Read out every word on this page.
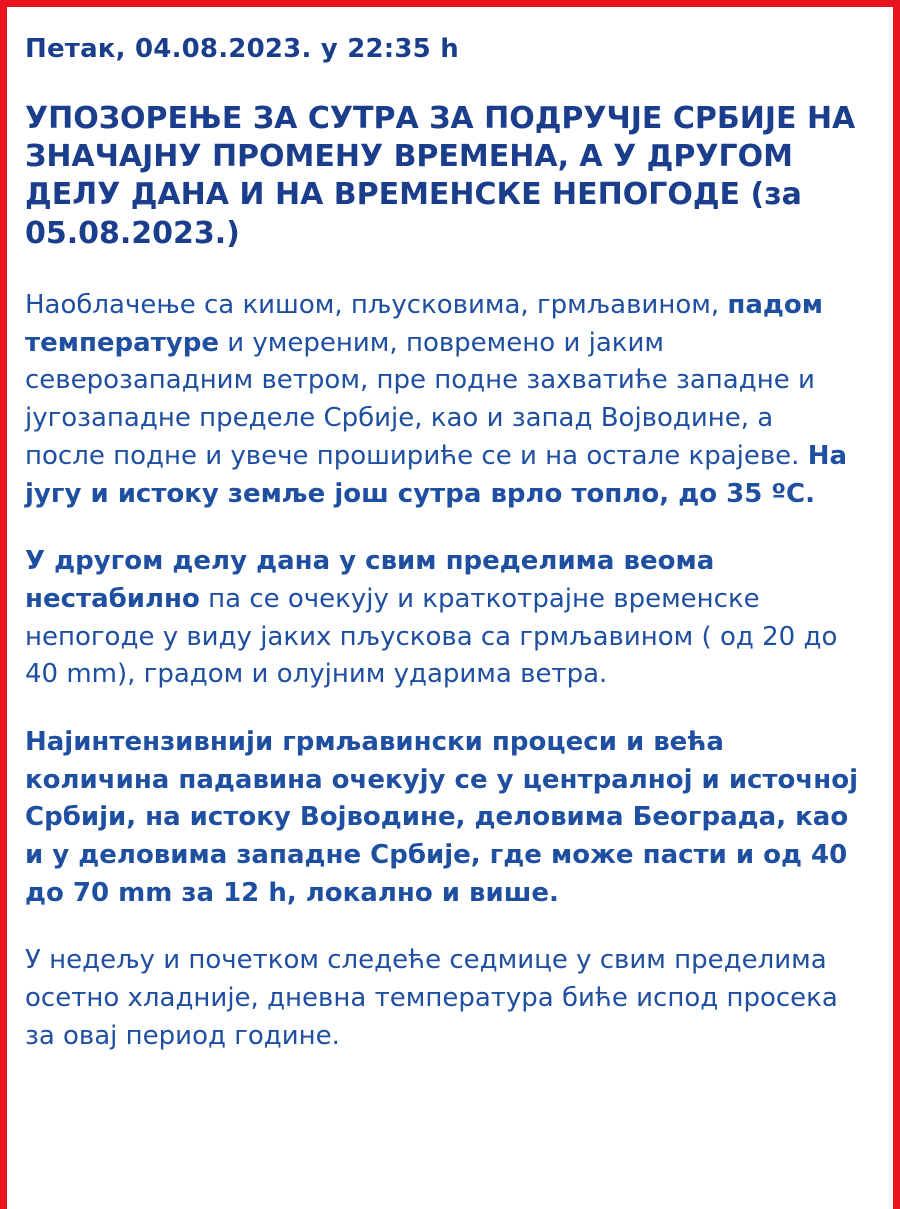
Петак, 04.08.2023. у 22:35 h
УПОЗОРЕЊЕ ЗА СУТРА ЗА ПОДРУЧЈЕ СРБИЈЕ НА ЗНАЧАЈНУ ПРОМЕНУ ВРЕМЕНА, А У ДРУГОМ ДЕЛУ ДАНА И НА ВРЕМЕНСКЕ НЕПОГОДЕ (за 05.08.2023.)

Наоблачење са кишом, пљусковима, грмљавином, падом температуре и умереним, повремено и јаким северозападним ветром, пре подне захватиће западне и југозападне пределе Србије, као и запад Војводине, а после подне и увече прошириће се и на остале крајеве. На југу и истоку земље још сутра врло топло, до 35 ºC.

У другом делу дана у свим пределима веома нестабилно па се очекују и краткотрајне временске непогоде у виду јаких пљускова са грмљавином ( од 20 до 40 mm), градом и олујним ударима ветра.

Најинтензивнији грмљавински процеси и већа количина падавина очекују се у централној и источној Србији, на истоку Војводине, деловима Београда, као и у деловима западне Србије, где може пасти и од 40 до 70 mm за 12 h, локално и више.

У недељу и почетком следеће седмице у свим пределима осетно хладније, дневна температура биће испод просека за овај период године.
